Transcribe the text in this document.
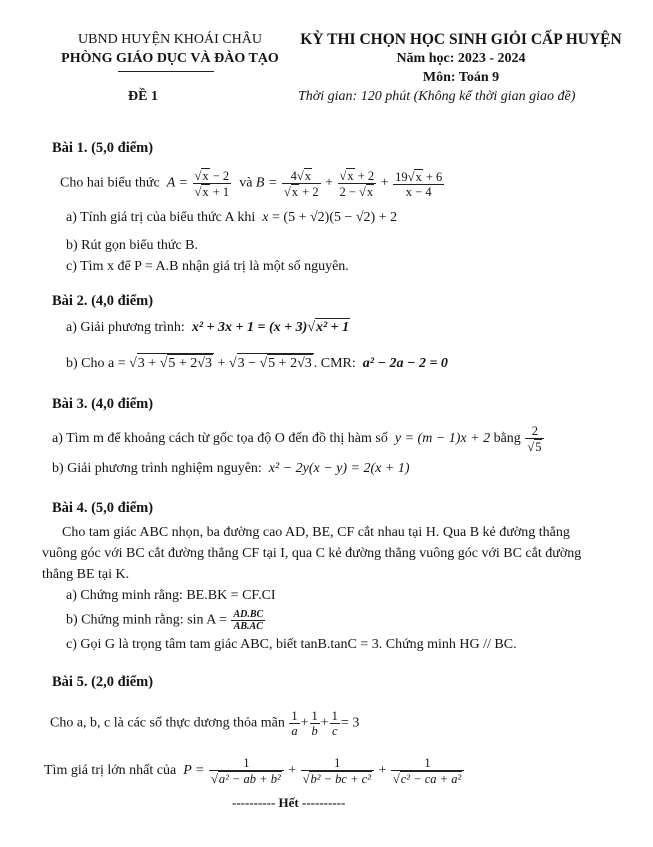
UBND HUYỆN KHOÁI CHÂU
PHÒNG GIÁO DỤC VÀ ĐÀO TẠO
ĐỀ 1
KỲ THI CHỌN HỌC SINH GIỎI CẤP HUYỆN
Năm học: 2023 - 2024
Môn: Toán 9
Thời gian: 120 phút (Không kể thời gian giao đề)
Bài 1. (5,0 điểm)
Cho hai biểu thức  $A = \frac{√x - 2}{√x + 1}$ và $B = \frac{4√x}{√x + 2} + \frac{√x + 2}{2 - √x} + \frac{19√x + 6}{x - 4}$
a) Tính giá trị của biểu thức A khi  x = (5 + √2)(5 − √2) + 2
b) Rút gọn biểu thức B.
c) Tìm x để P = A.B nhận giá trị là một số nguyên.
Bài 2. (4,0 điểm)
a) Giải phương trình:  x² + 3x + 1 = (x + 3)√x² + 1
b) Cho a = √3 + √5 + 2√3 + √3 − √5 + 2√3 . CMR:  a² − 2a − 2 = 0
Bài 3. (4,0 điểm)
a) Tìm m để khoảng cách từ gốc tọa độ O đến đồ thị hàm số  y = (m − 1)x + 2 bằng $\frac{2}{√5}$
b) Giải phương trình nghiệm nguyên:  x² − 2y(x − y) = 2(x + 1)
Bài 4. (5,0 điểm)
Cho tam giác ABC nhọn, ba đường cao AD, BE, CF cắt nhau tại H. Qua B kẻ đường thẳng
vuông góc với BC cắt đường thẳng CF tại I, qua C kẻ đường thẳng vuông góc với BC cắt đường
thẳng BE tại K.
a) Chứng minh rằng: BE.BK = CF.CI
b) Chứng minh rằng: $\sin A = \frac{AD.BC}{AB.AC}$
c) Gọi G là trọng tâm tam giác ABC, biết tanB.tanC = 3. Chứng minh HG // BC.
Bài 5. (2,0 điểm)
Cho a, b, c là các số thực dương thỏa mãn $\frac{1}{a} + \frac{1}{b} + \frac{1}{c} = 3$
Tìm giá trị lớn nhất của  $P = \frac{1}{\text{√a² − ab + b²}} + \frac{1}{\text{√b² − bc + c²}} + \frac{1}{\text{√c² − ca + a²}}$
---------- Hết ----------
